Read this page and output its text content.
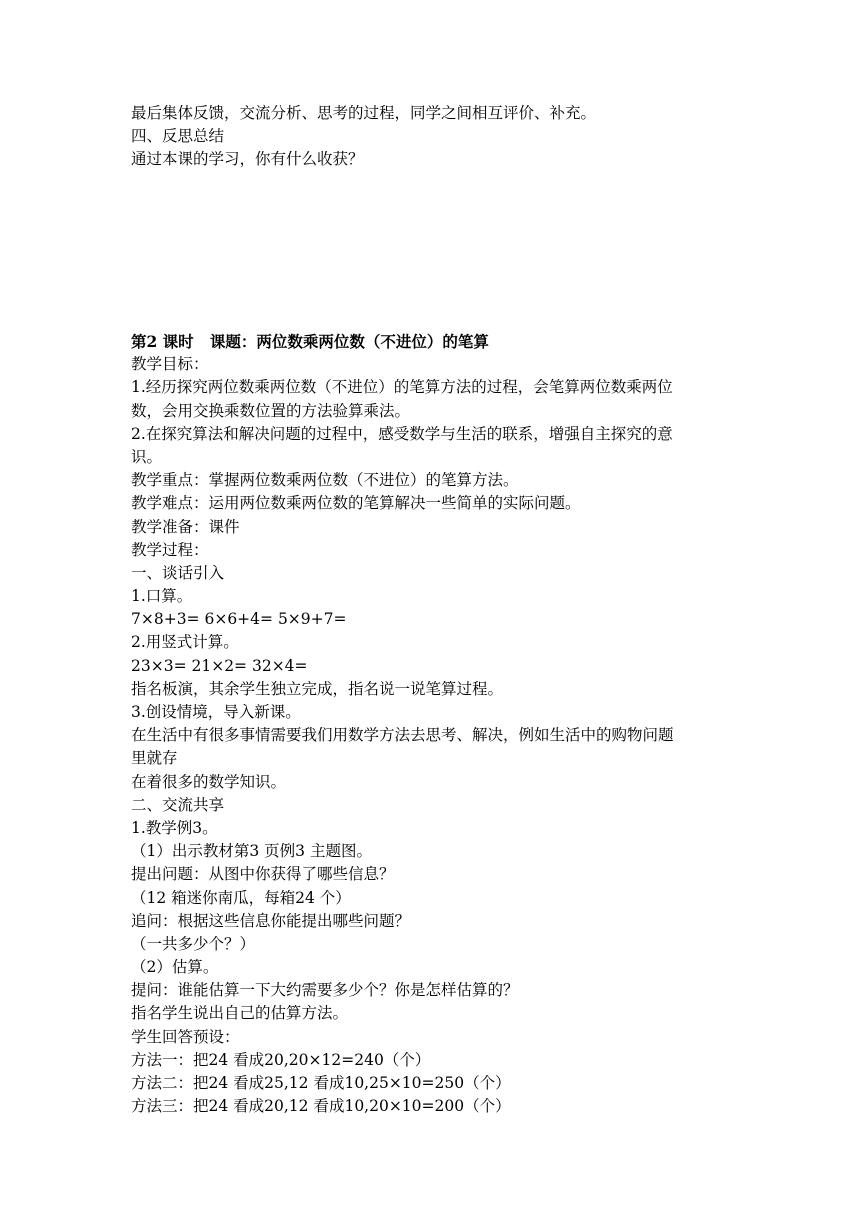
最后集体反馈，交流分析、思考的过程，同学之间相互评价、补充。
四、反思总结
通过本课的学习，你有什么收获？
第2 课时   课题：两位数乘两位数（不进位）的笔算
教学目标：
1.经历探究两位数乘两位数（不进位）的笔算方法的过程，会笔算两位数乘两位
数，会用交换乘数位置的方法验算乘法。
2.在探究算法和解决问题的过程中，感受数学与生活的联系，增强自主探究的意
识。
教学重点：掌握两位数乘两位数（不进位）的笔算方法。
教学难点：运用两位数乘两位数的笔算解决一些简单的实际问题。
教学准备：课件
教学过程：
一、谈话引入
1.口算。
7×8+3= 6×6+4= 5×9+7=
2.用竖式计算。
23×3= 21×2= 32×4=
指名板演，其余学生独立完成，指名说一说笔算过程。
3.创设情境，导入新课。
在生活中有很多事情需要我们用数学方法去思考、解决，例如生活中的购物问题
里就存
在着很多的数学知识。
二、交流共享
1.教学例3。
（1）出示教材第3 页例3 主题图。
提出问题：从图中你获得了哪些信息？
（12 箱迷你南瓜，每箱24 个）
追问：根据这些信息你能提出哪些问题？
（一共多少个？）
（2）估算。
提问：谁能估算一下大约需要多少个？你是怎样估算的？
指名学生说出自己的估算方法。
学生回答预设：
方法一：把24 看成20,20×12=240（个）
方法二：把24 看成25,12 看成10,25×10=250（个）
方法三：把24 看成20,12 看成10,20×10=200（个）
